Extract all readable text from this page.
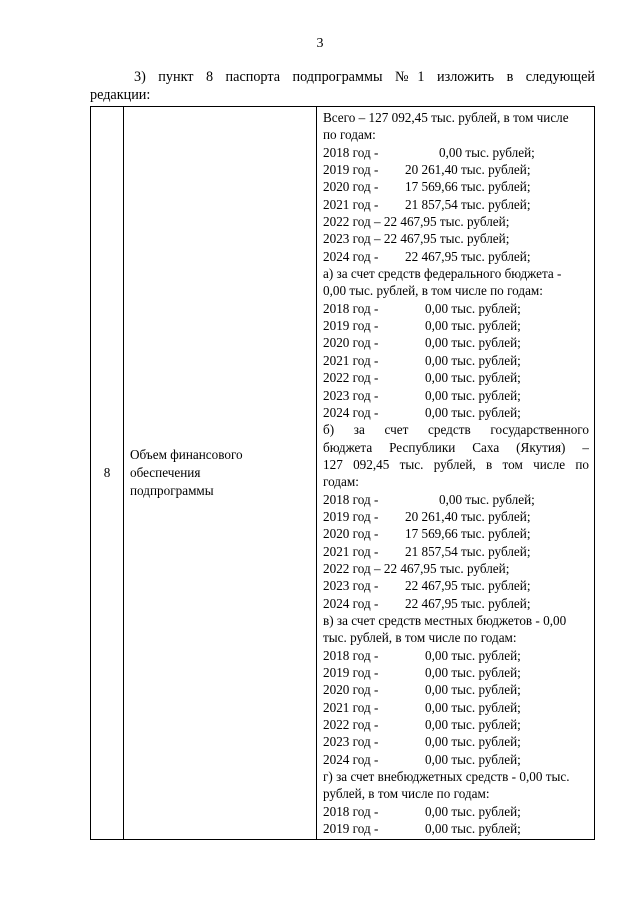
3
3) пункт 8 паспорта подпрограммы №1 изложить в следующей
редакции:
8	
Объем финансового
обеспечения
подпрограммы

Всего – 127 092,45 тыс. рублей, в том числе
по годам:
2018 год -	0,00 тыс. рублей;
2019 год - 20 261,40 тыс. рублей;
2020 год - 17 569,66 тыс. рублей;
2021 год - 21 857,54 тыс. рублей;
2022 год – 22 467,95 тыс. рублей;
2023 год – 22 467,95 тыс. рублей;
2024 год - 22 467,95 тыс. рублей;
а) за счет средств федерального бюджета -
0,00 тыс. рублей, в том числе по годам:
2018 год -	0,00 тыс. рублей;
2019 год -	0,00 тыс. рублей;
2020 год -	0,00 тыс. рублей;
2021 год -	0,00 тыс. рублей;
2022 год -	0,00 тыс. рублей;
2023 год -	0,00 тыс. рублей;
2024 год -	0,00 тыс. рублей;
б) за счет средств государственного
бюджета Республики Саха (Якутия) –
127 092,45 тыс. рублей, в том числе по
годам:
2018 год -	0,00 тыс. рублей;
2019 год - 20 261,40 тыс. рублей;
2020 год - 17 569,66 тыс. рублей;
2021 год - 21 857,54 тыс. рублей;
2022 год – 22 467,95 тыс. рублей;
2023 год - 22 467,95 тыс. рублей;
2024 год - 22 467,95 тыс. рублей;
в) за счет средств местных бюджетов - 0,00
тыс. рублей, в том числе по годам:
2018 год -	0,00 тыс. рублей;
2019 год -	0,00 тыс. рублей;
2020 год -	0,00 тыс. рублей;
2021 год -	0,00 тыс. рублей;
2022 год -	0,00 тыс. рублей;
2023 год -	0,00 тыс. рублей;
2024 год -	0,00 тыс. рублей;
г) за счет внебюджетных средств - 0,00 тыс.
рублей, в том числе по годам:
2018 год -	0,00 тыс. рублей;
2019 год -	0,00 тыс. рублей;
